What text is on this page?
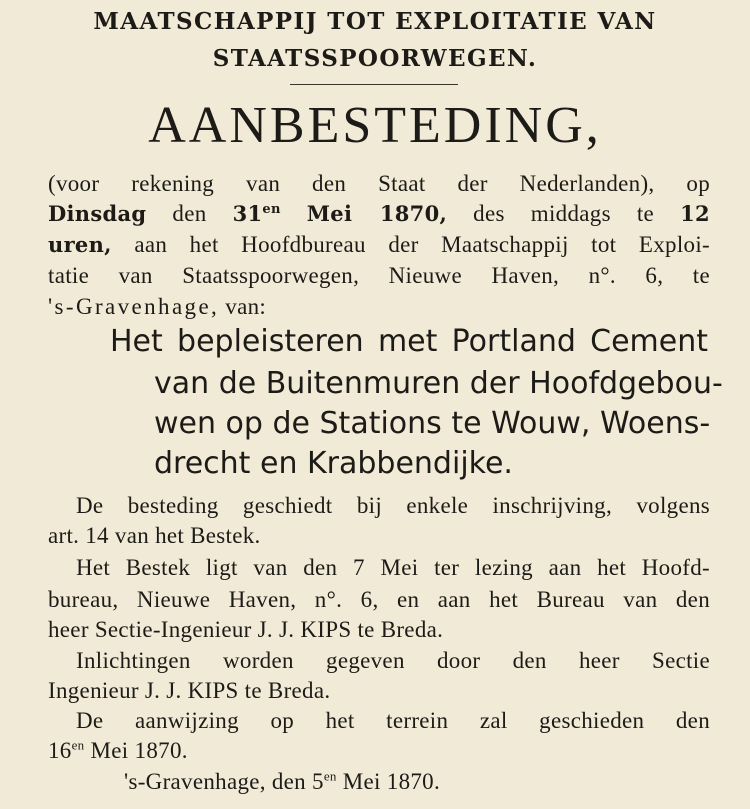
MAATSCHAPPIJ TOT EXPLOITATIE VAN
STAATSSPOORWEGEN.
AANBESTEDING,
(voor rekening van den Staat der Nederlanden), op
Dinsdag den $31^{en}$ Mei 1870, des middags te 12
uren, aan het Hoofdbureau der Maatschappij tot Exploi-
tatie van Staatsspoorwegen, Nieuwe Haven, n°. 6, te
's-Gravenhage, van:
Het bepleisteren met Portland Cement
van de Buitenmuren der Hoofdgebou-
wen op de Stations te Wouw, Woens-
drecht en Krabbendijke.
De besteding geschiedt bij enkele inschrijving, volgens
art. 14 van het Bestek.
Het Bestek ligt van den 7 Mei ter lezing aan het Hoofd-
bureau, Nieuwe Haven, n°. 6, en aan het Bureau van den
heer Sectie-Ingenieur J. J. KIPS te Breda.
Inlichtingen worden gegeven door den heer Sectie
Ingenieur J. J. KIPS te Breda.
De aanwijzing op het terrein zal geschieden den
$16^{en}$ Mei 1870.
's-Gravenhage, den $5^{en}$ Mei 1870.
